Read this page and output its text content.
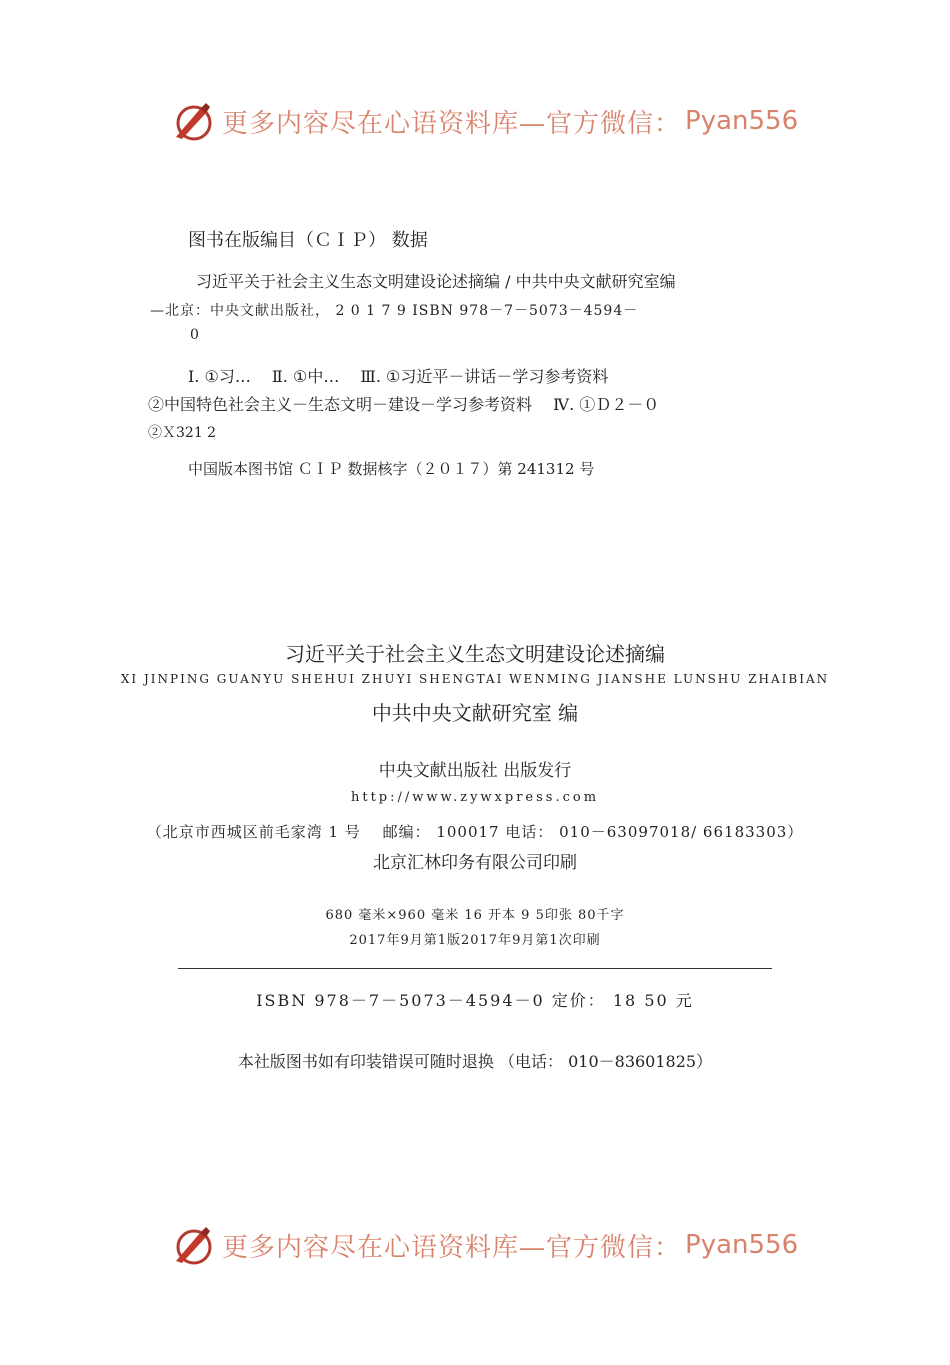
更多内容尽在心语资料库—官方微信： Pyan556
图书在版编目（ＣＩＰ） 数据
习近平关于社会主义生态文明建设论述摘编 / 中共中央文献研究室编
—北京：中央文献出版社， 2 0 1 7 9 ISBN 978－7－5073－4594－
0
Ⅰ. ①习…　 Ⅱ. ①中…　 Ⅲ. ①习近平－讲话－学习参考资料
②中国特色社会主义－生态文明－建设－学习参考资料　 Ⅳ. ①Ｄ２－０
②Ｘ321 2
中国版本图书馆 ＣＩＰ 数据核字（２０１７）第 241312 号
习近平关于社会主义生态文明建设论述摘编
XI JINPING GUANYU SHEHUI ZHUYI SHENGTAI WENMING JIANSHE LUNSHU ZHAIBIAN
中共中央文献研究室 编
中央文献出版社 出版发行
http://www.zywxpress.com
（北京市西城区前毛家湾 1 号　 邮编： 100017 电话： 010－63097018/ 66183303）
北京汇林印务有限公司印刷
680 毫米×960 毫米 16 开本 9 5印张 80千字
2017年9月第1版2017年9月第1次印刷
ISBN 978－7－5073－4594－0 定价： 18 50 元
本社版图书如有印装错误可随时退换 （电话： 010－83601825）
更多内容尽在心语资料库—官方微信： Pyan556
